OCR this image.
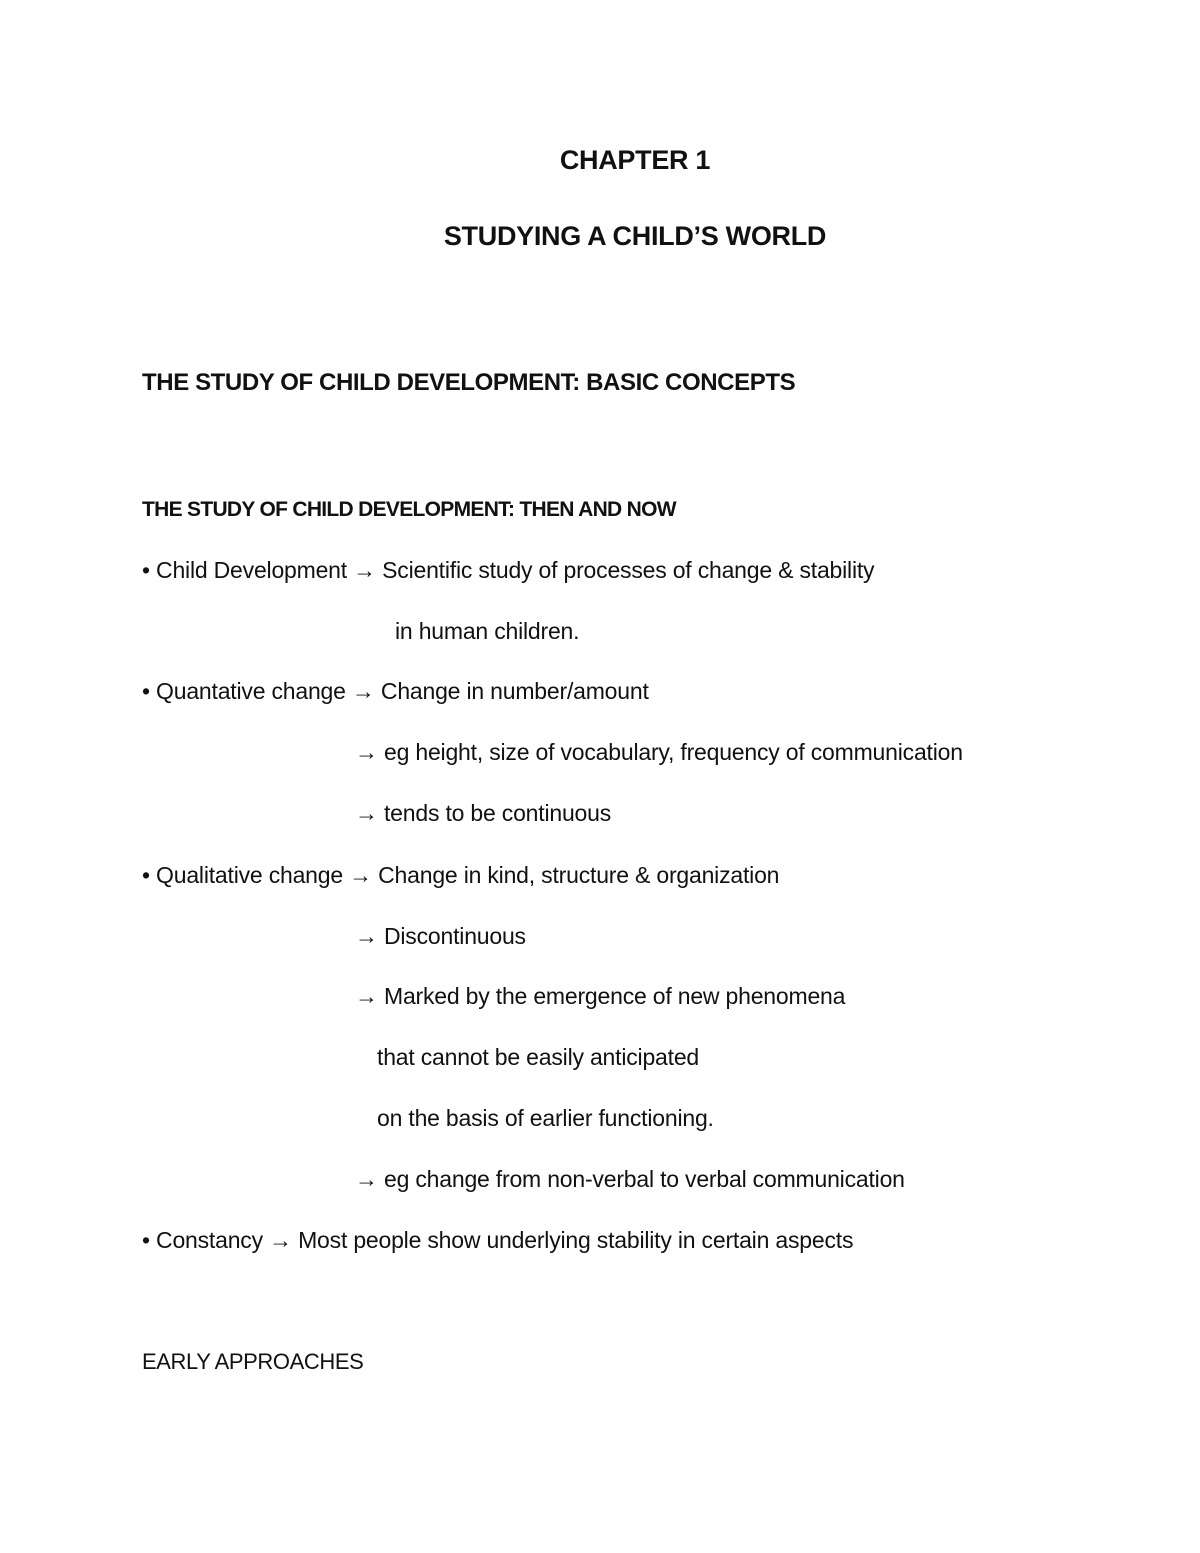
CHAPTER 1
STUDYING A CHILD’S WORLD
THE STUDY OF CHILD DEVELOPMENT: BASIC CONCEPTS
THE STUDY OF CHILD DEVELOPMENT: THEN AND NOW
• Child Development → Scientific study of processes of change & stability
in human children.
• Quantative change → Change in number/amount
→ eg height, size of vocabulary, frequency of communication
→ tends to be continuous
• Qualitative change → Change in kind, structure & organization
→ Discontinuous
→ Marked by the emergence of new phenomena
that cannot be easily anticipated
on the basis of earlier functioning.
→ eg change from non-verbal to verbal communication
• Constancy → Most people show underlying stability in certain aspects
EARLY APPROACHES
